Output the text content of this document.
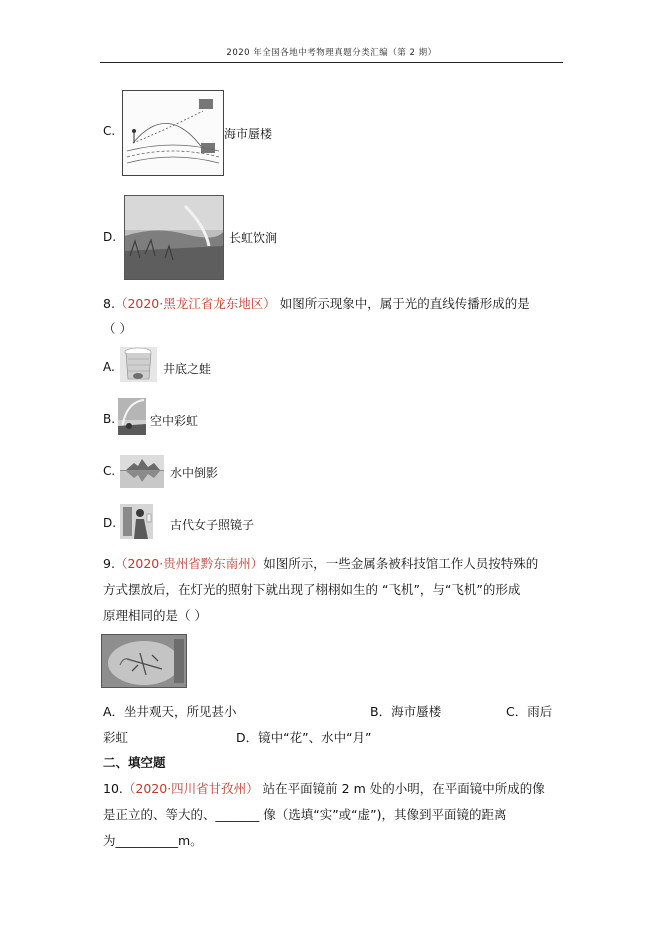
2020 年全国各地中考物理真题分类汇编（第 2 期）
C.	海市蜃楼
D.	长虹饮涧
8.（2020·黑龙江省龙东地区） 如图所示现象中，属于光的直线传播形成的是
（ ）
A.	井底之蛙
B.	空中彩虹
C.	水中倒影
D.	古代女子照镜子
9.（2020·贵州省黔东南州）如图所示，一些金属条被科技馆工作人员按特殊的
方式摆放后，在灯光的照射下就出现了栩栩如生的 “飞机”，与“飞机”的形成
原理相同的是（ ）
A．坐井观天，所见甚小	B．海市蜃楼	C．雨后
彩虹	D．镜中“花”、水中“月”
二、填空题
10.（2020·四川省甘孜州） 站在平面镜前 2 m 处的小明，在平面镜中所成的像
是正立的、等大的、_______ 像（选填“实”或“虚”)，其像到平面镜的距离
为__________m。
